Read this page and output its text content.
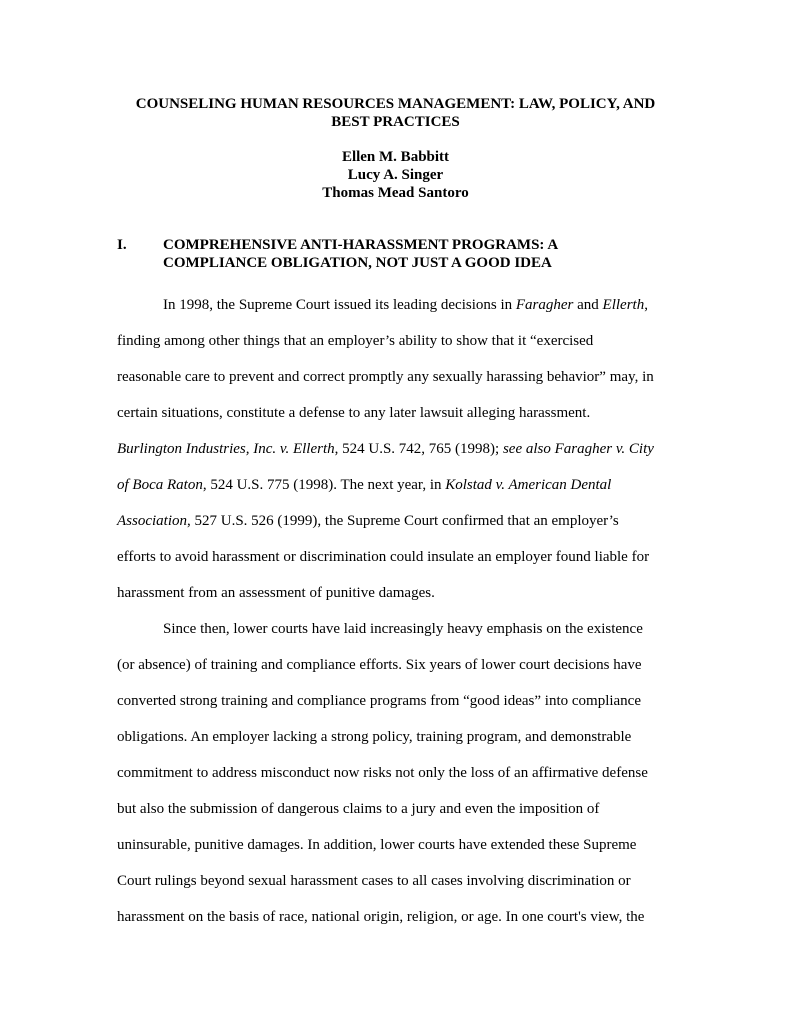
COUNSELING HUMAN RESOURCES MANAGEMENT: LAW, POLICY, AND
BEST PRACTICES
Ellen M. Babbitt
Lucy A. Singer
Thomas Mead Santoro
I. COMPREHENSIVE ANTI-HARASSMENT PROGRAMS: A
COMPLIANCE OBLIGATION, NOT JUST A GOOD IDEA
In 1998, the Supreme Court issued its leading decisions in Faragher and Ellerth,
finding among other things that an employer’s ability to show that it “exercised
reasonable care to prevent and correct promptly any sexually harassing behavior” may, in
certain situations, constitute a defense to any later lawsuit alleging harassment.
Burlington Industries, Inc. v. Ellerth, 524 U.S. 742, 765 (1998); see also Faragher v. City
of Boca Raton, 524 U.S. 775 (1998). The next year, in Kolstad v. American Dental
Association, 527 U.S. 526 (1999), the Supreme Court confirmed that an employer’s
efforts to avoid harassment or discrimination could insulate an employer found liable for
harassment from an assessment of punitive damages.
Since then, lower courts have laid increasingly heavy emphasis on the existence
(or absence) of training and compliance efforts. Six years of lower court decisions have
converted strong training and compliance programs from “good ideas” into compliance
obligations. An employer lacking a strong policy, training program, and demonstrable
commitment to address misconduct now risks not only the loss of an affirmative defense
but also the submission of dangerous claims to a jury and even the imposition of
uninsurable, punitive damages. In addition, lower courts have extended these Supreme
Court rulings beyond sexual harassment cases to all cases involving discrimination or
harassment on the basis of race, national origin, religion, or age. In one court's view, the
